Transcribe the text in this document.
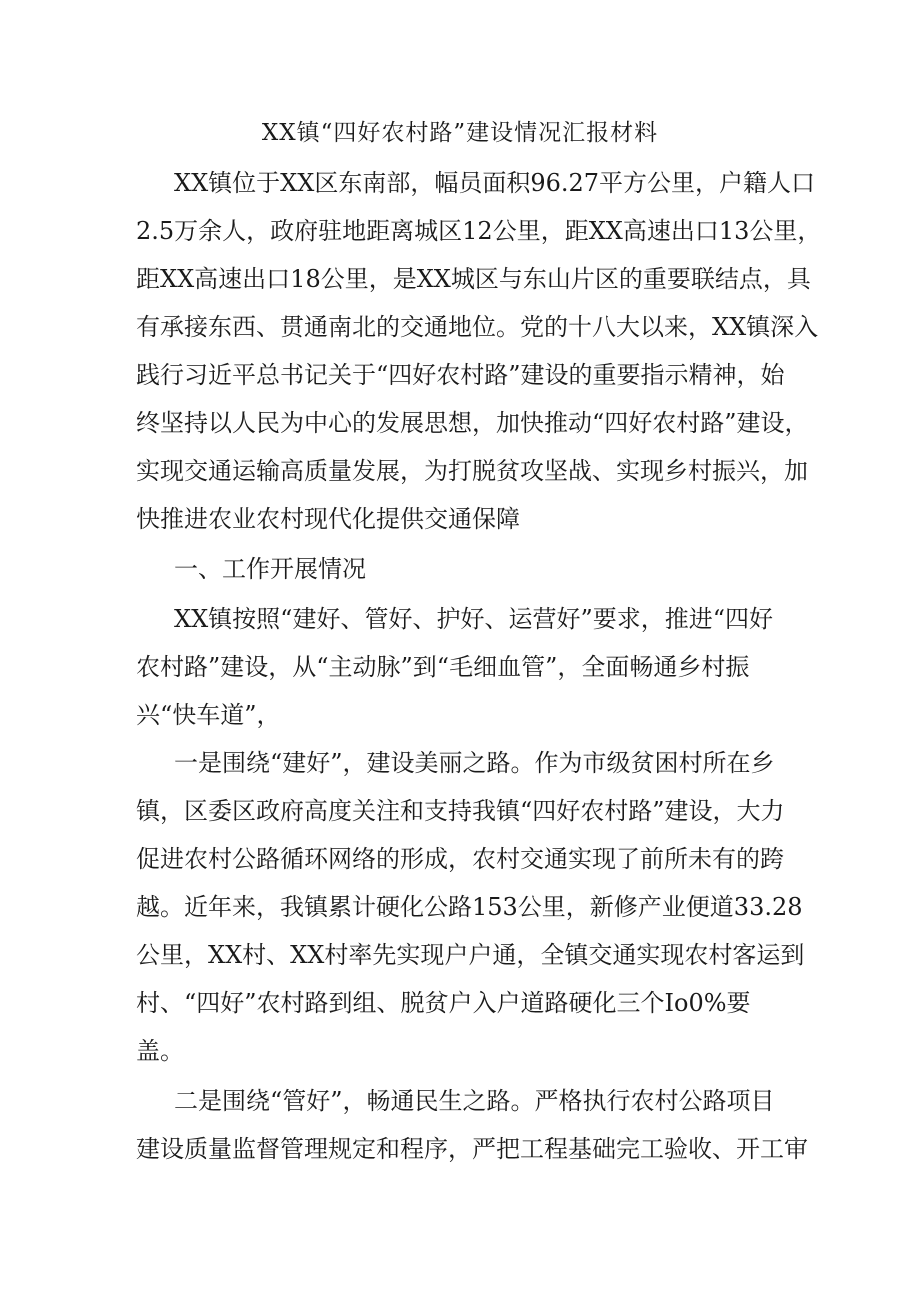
XX镇“四好农村路”建设情况汇报材料
XX镇位于XX区东南部，幅员面积96.27平方公里，户籍人口
2.5万余人，政府驻地距离城区12公里，距XX高速出口13公里，
距XX高速出口18公里，是XX城区与东山片区的重要联结点，具
有承接东西、贯通南北的交通地位。党的十八大以来，XX镇深入
践行习近平总书记关于“四好农村路”建设的重要指示精神，始
终坚持以人民为中心的发展思想，加快推动“四好农村路”建设，
实现交通运输高质量发展，为打脱贫攻坚战、实现乡村振兴，加
快推进农业农村现代化提供交通保障
一、工作开展情况
XX镇按照“建好、管好、护好、运营好”要求，推进“四好
农村路”建设，从“主动脉”到“毛细血管”，全面畅通乡村振
兴“快车道”，
一是围绕“建好”，建设美丽之路。作为市级贫困村所在乡
镇，区委区政府高度关注和支持我镇“四好农村路”建设，大力
促进农村公路循环网络的形成，农村交通实现了前所未有的跨
越。近年来，我镇累计硬化公路153公里，新修产业便道33.28
公里，XX村、XX村率先实现户户通，全镇交通实现农村客运到
村、“四好”农村路到组、脱贫户入户道路硬化三个Io0%要
盖。
二是围绕“管好”，畅通民生之路。严格执行农村公路项目
建设质量监督管理规定和程序，严把工程基础完工验收、开工审
